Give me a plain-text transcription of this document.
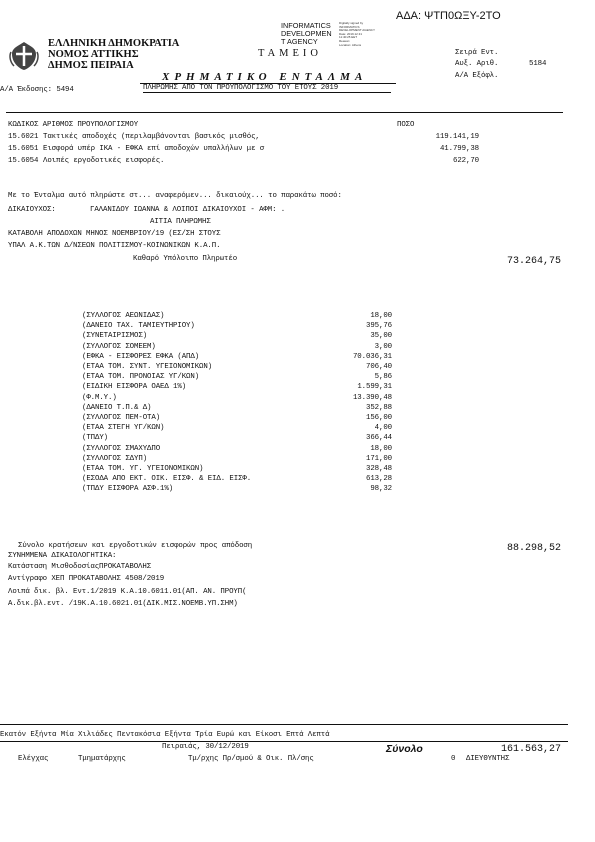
ΑΔΑ: ΨΤΠ0ΩΞΥ-2ΤΟ
ΕΛΛΗΝΙΚΗ ΔΗΜΟΚΡΑΤΙΑ
ΝΟΜΟΣ ΑΤΤΙΚΗΣ
ΔΗΜΟΣ ΠΕΙΡΑΙΑ
INFORMATICS
DEVELOPMEN
T AGENCY
Digitally signed by
INFORMATICS
DEVELOPMENT AGENCY
Date: 2019.12.31
11:40:25 EET
Reason:
Location: Athens
ΤΑΜΕΙΟ	Σειρά Εντ.
Αυξ. Αριθ.	5184
Α/Α Εξόφλ.
ΧΡΗΜΑΤΙΚΟ ΕΝΤΑΛΜΑ
ΠΛΗΡΩΜΗΣ ΑΠΟ ΤΟΝ ΠΡΟΥΠΟΛΟΓΙΣΜΟ ΤΟΥ ΕΤΟΥΣ 2019
Α/Α Έκδοσης: 5494
ΚΩΔΙΚΟΣ ΑΡΙΘΜΟΣ ΠΡΟΥΠΟΛΟΓΙΣΜΟΥ	ΠΟΣΟ
15.6021 Τακτικές αποδοχές (περιλαμβάνονται βασικός μισθός,	119.141,19
15.6051 Εισφορά υπέρ ΙΚΑ - ΕΦΚΑ επί αποδοχών υπαλλήλων με σ	41.799,38
15.6054 Λοιπές εργοδοτικές εισφορές.	622,70
Με το Ένταλμα αυτό πληρώστε στ... αναφερόμεν... δικαιούχ... το παρακάτω ποσό:
ΔΙΚΑΙΟΥΧΟΣ:	ΓΑΛΑΝΙΔΟΥ ΙΩΑΝΝΑ & ΛΟΙΠΟΙ ΔΙΚΑΙΟΥΧΟΙ - ΑΦΜ: .
ΑΙΤΙΑ ΠΛΗΡΩΜΗΣ
ΚΑΤΑΒΟΛΗ ΑΠΟΔΟΧΩΝ ΜΗΝΟΣ ΝΟΕΜΒΡΙΟΥ/19 (ΕΣ/ΣΗ ΣΤΟΥΣ
ΥΠΑΛ Α.Κ.ΤΩΝ Δ/ΝΣΕΩΝ ΠΟΛΙΤΙΣΜΟΥ-ΚΟΙΝΩΝΙΚΩΝ Κ.Α.Π.
Καθαρό Υπόλοιπο Πληρωτέο	73.264,75
(ΣΥΛΛΟΓΟΣ ΑΕΩΝΙΔΑΣ)	18,00
(ΔΑΝΕΙΟ ΤΑΧ. ΤΑΜΙΕΥΤΗΡΙΟΥ)	395,76
(ΣΥΝΕΤΑΙΡΙΣΜΟΣ)	35,00
(ΣΥΛΛΟΓΟΣ ΣΟΜΕΕΜ)	3,00
(ΕΦΚΑ - ΕΙΣΦΟΡΕΣ ΕΦΚΑ (ΑΠΔ)	70.036,31
(ΕΤΑΑ ΤΟΜ. ΣΥΝΤ. ΥΓΕΙΟΝΟΜΙΚΩΝ)	706,40
(ΕΤΑΑ ΤΟΜ. ΠΡΟΝΟΙΑΣ ΥΓ/ΚΩΝ)	5,86
(ΕΙΔΙΚΗ ΕΙΣΦΟΡΑ ΟΑΕΔ 1%)	1.599,31
(Φ.Μ.Υ.)	13.390,48
(ΔΑΝΕΙΟ Τ.Π.& Δ)	352,88
(ΣΥΛΛΟΓΟΣ ΠΕΜ-ΟΤΑ)	156,00
(ΕΤΑΑ ΣΤΕΓΗ ΥΓ/ΚΩΝ)	4,00
(ΤΠΔΥ)	366,44
(ΣΥΛΛΟΓΟΣ ΣΜΑΧΥΔΠΟ	18,00
(ΣΥΛΛΟΓΟΣ ΣΔΥΠ)	171,00
(ΕΤΑΑ ΤΟΜ. ΥΓ. ΥΓΕΙΟΝΟΜΙΚΩΝ)	328,48
(ΕΣΟΔΑ ΑΠΟ ΕΚΤ. ΟΙΚ. ΕΙΣΦ. & ΕΙΔ. ΕΙΣΦ.	613,28
(ΤΠΔΥ ΕΙΣΦΟΡΑ ΑΣΦ.1%)	98,32
Σύνολο κρατήσεων και εργοδοτικών εισφορών προς απόδοση	88.298,52
ΣΥΝΗΜΜΕΝΑ ΔΙΚΑΙΟΛΟΓΗΤΙΚΑ:
Κατάσταση ΜισθοδοσίαςΠΡΟΚΑΤΑΒΟΛΗΣ
Αντίγραφο ΧΕΠ ΠΡΟΚΑΤΑΒΟΛΗΣ 4508/2019
Λοιπά δικ. βλ. Εντ.1/2019 Κ.Α.10.6011.01(ΑΠ. ΑΝ. ΠΡΟΥΠ(
Α.δικ.βλ.εντ. /19Κ.Α.10.6021.01(ΔΙΚ.ΜΙΣ.ΝΟΕΜΒ.ΥΠ.ΣΗΜ)
Εκατόν Εξήντα Μία Χιλιάδες Πεντακόσια Εξήντα Τρία Ευρώ και Είκοσι Επτά Λεπτά
Πειραιάς, 30/12/2019	Σύνολο	161.563,27
Ελέγχας	Τμηματάρχης	Τμ/ρχης Πρ/σμού & Οικ. Πλ/σης	0 ΔΙΕΥΘΥΝΤΗΣ
